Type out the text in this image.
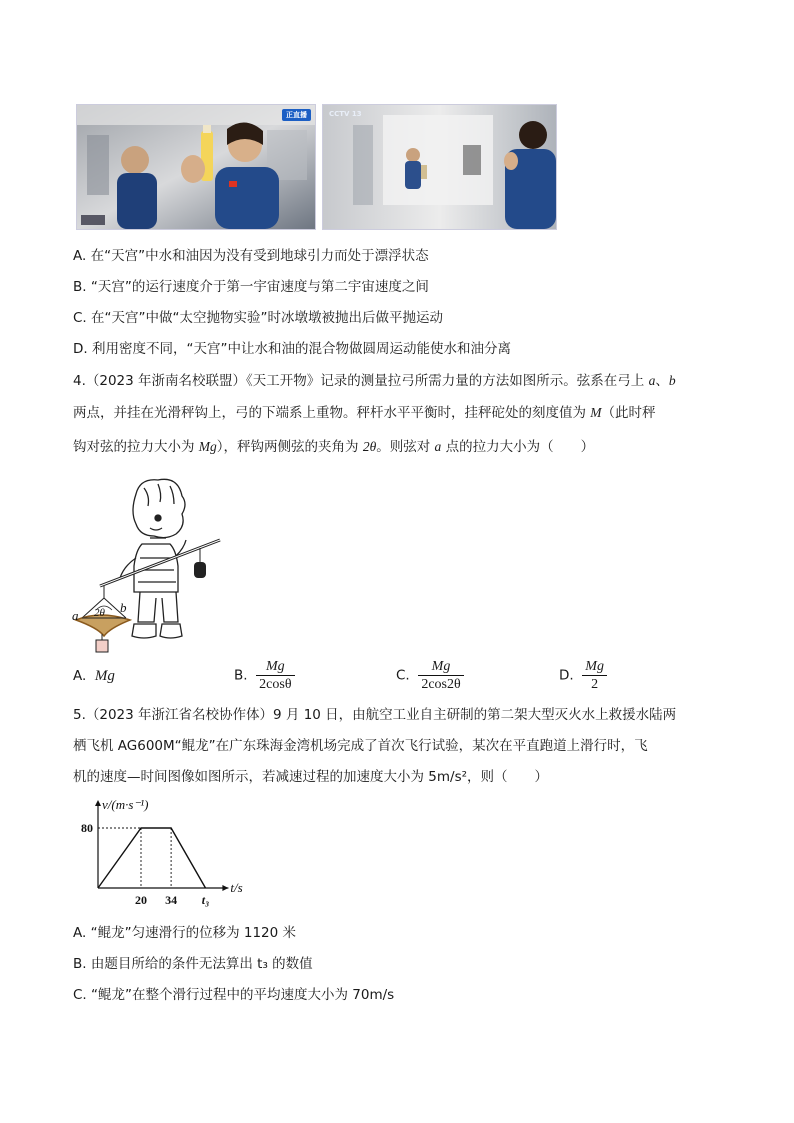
正直播	CCTV 13
A. 在“天宫”中水和油因为没有受到地球引力而处于漂浮状态
B. “天宫”的运行速度介于第一宇宙速度与第二宇宙速度之间
C. 在“天宫”中做“太空抛物实验”时冰墩墩被抛出后做平抛运动
D. 利用密度不同，“天宫”中让水和油的混合物做圆周运动能使水和油分离
4.（2023 年浙南名校联盟）《天工开物》记录的测量拉弓所需力量的方法如图所示。弦系在弓上 a、b
两点，并挂在光滑秤钩上，弓的下端系上重物。秤杆水平平衡时，挂秤砣处的刻度值为 M（此时秤
钩对弦的拉力大小为 Mg），秤钩两侧弦的夹角为 2θ。则弦对 a 点的拉力大小为（　　）
a
b
2θ
A. Mg	B. $\frac{Mg}{2\cos\theta}$	C. $\frac{Mg}{2\cos 2\theta}$	D. $\frac{Mg}{2}$
5.（2023 年浙江省名校协作体）9 月 10 日，由航空工业自主研制的第二架大型灭火水上救援水陆两
栖飞机 AG600M“鲲龙”在广东珠海金湾机场完成了首次飞行试验，某次在平直跑道上滑行时，飞
机的速度—时间图像如图所示，若减速过程的加速度大小为 5m/s²，则（　　）
20 34 t₃
80
t/s
v/(m·s⁻¹)
A. “鲲龙”匀速滑行的位移为 1120 米
B. 由题目所给的条件无法算出 t₃ 的数值
C. “鲲龙”在整个滑行过程中的平均速度大小为 70m/s
